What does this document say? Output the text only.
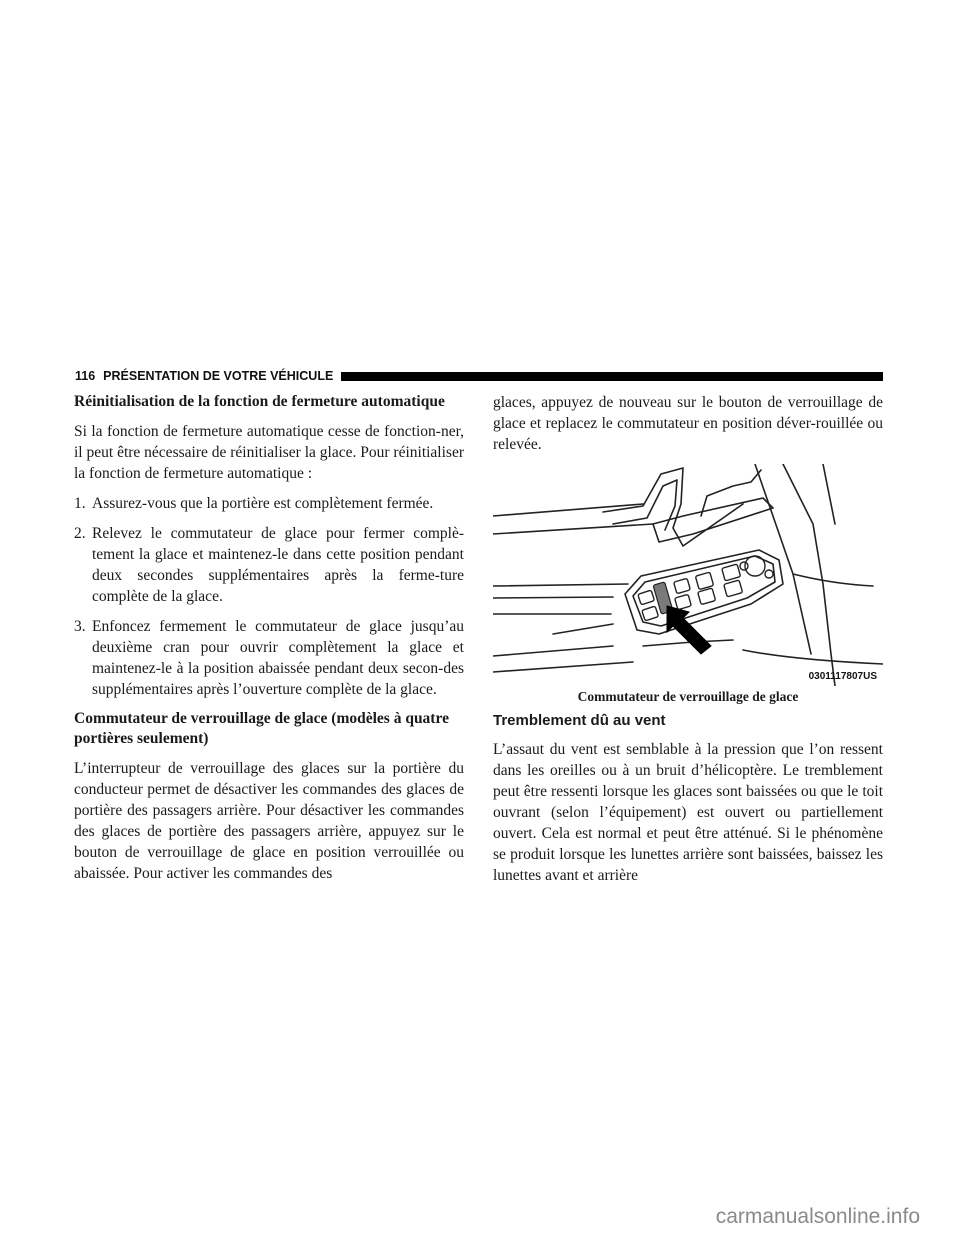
116 PRÉSENTATION DE VOTRE VÉHICULE
Réinitialisation de la fonction de fermeture automatique
Si la fonction de fermeture automatique cesse de fonction-ner, il peut être nécessaire de réinitialiser la glace. Pour réinitialiser la fonction de fermeture automatique :
1. Assurez-vous que la portière est complètement fermée.
2. Relevez le commutateur de glace pour fermer complè-tement la glace et maintenez-le dans cette position pendant deux secondes supplémentaires après la ferme-ture complète de la glace.
3. Enfoncez fermement le commutateur de glace jusqu’au deuxième cran pour ouvrir complètement la glace et maintenez-le à la position abaissée pendant deux secon-des supplémentaires après l’ouverture complète de la glace.
Commutateur de verrouillage de glace (modèles à quatre portières seulement)
L’interrupteur de verrouillage des glaces sur la portière du conducteur permet de désactiver les commandes des glaces de portière des passagers arrière. Pour désactiver les commandes des glaces de portière des passagers arrière, appuyez sur le bouton de verrouillage de glace en position verrouillée ou abaissée. Pour activer les commandes des
glaces, appuyez de nouveau sur le bouton de verrouillage de glace et replacez le commutateur en position déver-rouillée ou relevée.
0301117807US
Commutateur de verrouillage de glace
Tremblement dû au vent
L’assaut du vent est semblable à la pression que l’on ressent dans les oreilles ou à un bruit d’hélicoptère. Le tremblement peut être ressenti lorsque les glaces sont baissées ou que le toit ouvrant (selon l’équipement) est ouvert ou partiellement ouvert. Cela est normal et peut être atténué. Si le phénomène se produit lorsque les lunettes arrière sont baissées, baissez les lunettes avant et arrière
carmanualsonline.info
